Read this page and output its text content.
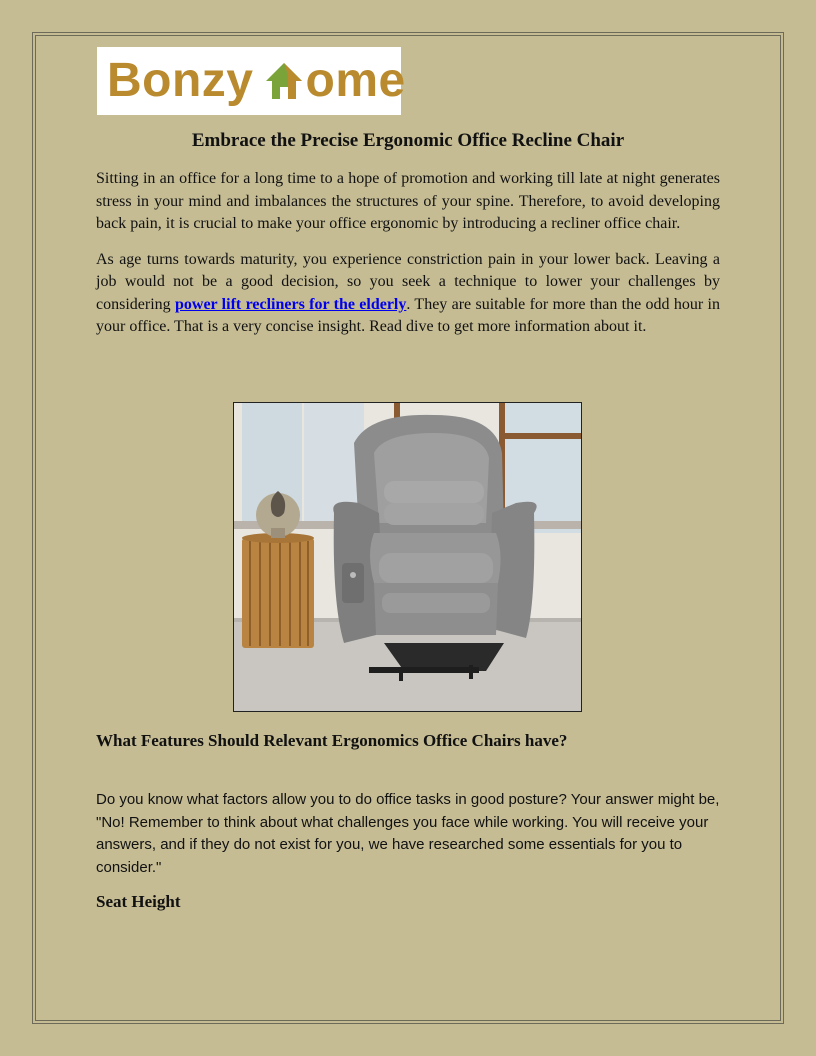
Bonzy ome
Embrace the Precise Ergonomic Office Recline Chair

Sitting in an office for a long time to a hope of promotion and working till late at night generates stress in your mind and imbalances the structures of your spine. Therefore, to avoid developing back pain, it is crucial to make your office ergonomic by introducing a recliner office chair.

As age turns towards maturity, you experience constriction pain in your lower back. Leaving a job would not be a good decision, so you seek a technique to lower your challenges by considering power lift recliners for the elderly. They are suitable for more than the odd hour in your office. That is a very concise insight. Read dive to get more information about it.

What Features Should Relevant Ergonomics Office Chairs have?

Do you know what factors allow you to do office tasks in good posture? Your answer might be, "No! Remember to think about what challenges you face while working. You will receive your answers, and if they do not exist for you, we have researched some essentials for you to consider."

Seat Height
